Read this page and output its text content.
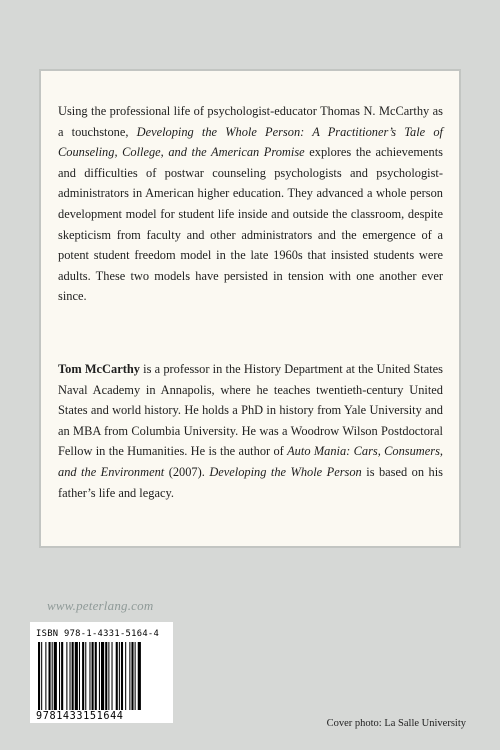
Using the professional life of psychologist-educator Thomas N. McCarthy as a touchstone, Developing the Whole Person: A Practitioner’s Tale of Counseling, College, and the American Promise explores the achievements and difficulties of postwar counseling psychologists and psychologist-administrators in American higher education. They advanced a whole person development model for student life inside and outside the classroom, despite skepticism from faculty and other administrators and the emergence of a potent student freedom model in the late 1960s that insisted students were adults. These two models have persisted in tension with one another ever since.

Tom McCarthy is a professor in the History Department at the United States Naval Academy in Annapolis, where he teaches twentieth-century United States and world history. He holds a PhD in history from Yale University and an MBA from Columbia University. He was a Woodrow Wilson Postdoctoral Fellow in the Humanities. He is the author of Auto Mania: Cars, Consumers, and the Environment (2007). Developing the Whole Person is based on his father’s life and legacy.

www.peterlang.com
ISBN 978-1-4331-5164-4
9781433151644
Cover photo: La Salle University
